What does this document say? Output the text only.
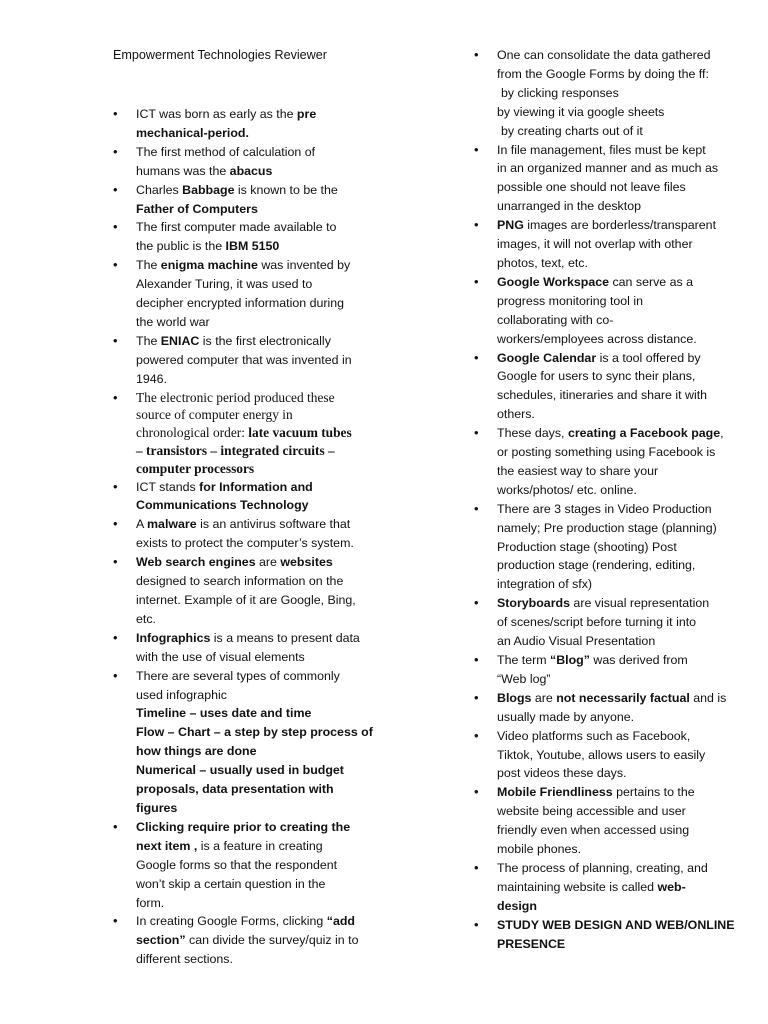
Empowerment Technologies Reviewer
• ICT was born as early as the pre
mechanical-period.
• The first method of calculation of
humans was the abacus
• Charles Babbage is known to be the
Father of Computers
• The first computer made available to
the public is the IBM 5150
• The enigma machine was invented by
Alexander Turing, it was used to
decipher encrypted information during
the world war
• The ENIAC is the first electronically
powered computer that was invented in
1946.
• The electronic period produced these
source of computer energy in
chronological order: late vacuum tubes
– transistors – integrated circuits –
computer processors
• ICT stands for Information and
Communications Technology
• A malware is an antivirus software that
exists to protect the computer’s system.
• Web search engines are websites
designed to search information on the
internet. Example of it are Google, Bing,
etc.
• Infographics is a means to present data
with the use of visual elements
• There are several types of commonly
used infographic
Timeline – uses date and time
Flow – Chart – a step by step process of
how things are done
Numerical – usually used in budget
proposals, data presentation with
figures
• Clicking require prior to creating the
next item , is a feature in creating
Google forms so that the respondent
won’t skip a certain question in the
form.
• In creating Google Forms, clicking “add
section” can divide the survey/quiz in to
different sections.
• One can consolidate the data gathered
from the Google Forms by doing the ff:
by clicking responses
by viewing it via google sheets
by creating charts out of it
• In file management, files must be kept
in an organized manner and as much as
possible one should not leave files
unarranged in the desktop
• PNG images are borderless/transparent
images, it will not overlap with other
photos, text, etc.
• Google Workspace can serve as a
progress monitoring tool in
collaborating with co-
workers/employees across distance.
• Google Calendar is a tool offered by
Google for users to sync their plans,
schedules, itineraries and share it with
others.
• These days, creating a Facebook page,
or posting something using Facebook is
the easiest way to share your
works/photos/ etc. online.
• There are 3 stages in Video Production
namely; Pre production stage (planning)
Production stage (shooting) Post
production stage (rendering, editing,
integration of sfx)
• Storyboards are visual representation
of scenes/script before turning it into
an Audio Visual Presentation
• The term “Blog” was derived from
“Web log”
• Blogs are not necessarily factual and is
usually made by anyone.
• Video platforms such as Facebook,
Tiktok, Youtube, allows users to easily
post videos these days.
• Mobile Friendliness pertains to the
website being accessible and user
friendly even when accessed using
mobile phones.
• The process of planning, creating, and
maintaining website is called web-
design
• STUDY WEB DESIGN AND WEB/ONLINE
PRESENCE
